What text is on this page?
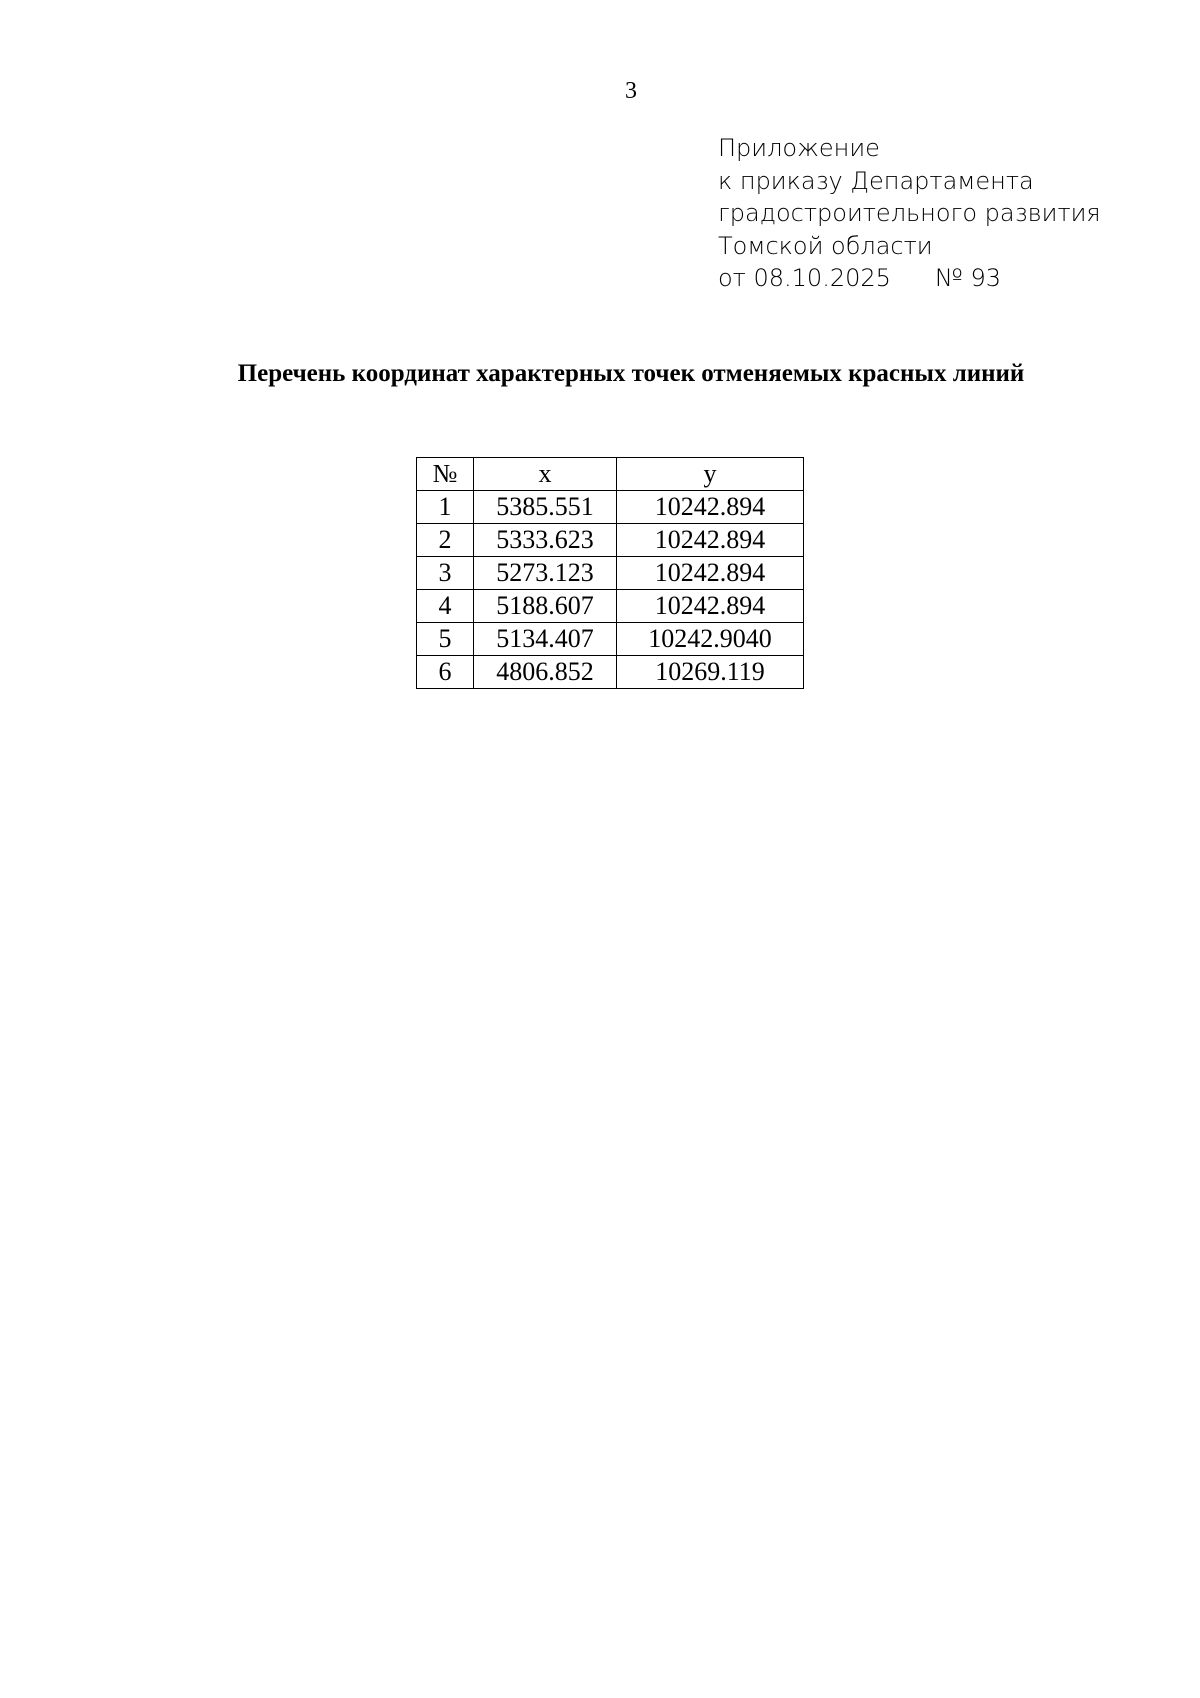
3
Приложение
к приказу Департамента
градостроительного развития
Томской области
от 08.10.2025 № 93
Перечень координат характерных точек отменяемых красных линий
№	x	y
1	5385.551	10242.894
2	5333.623	10242.894
3	5273.123	10242.894
4	5188.607	10242.894
5	5134.407	10242.9040
6	4806.852	10269.119
